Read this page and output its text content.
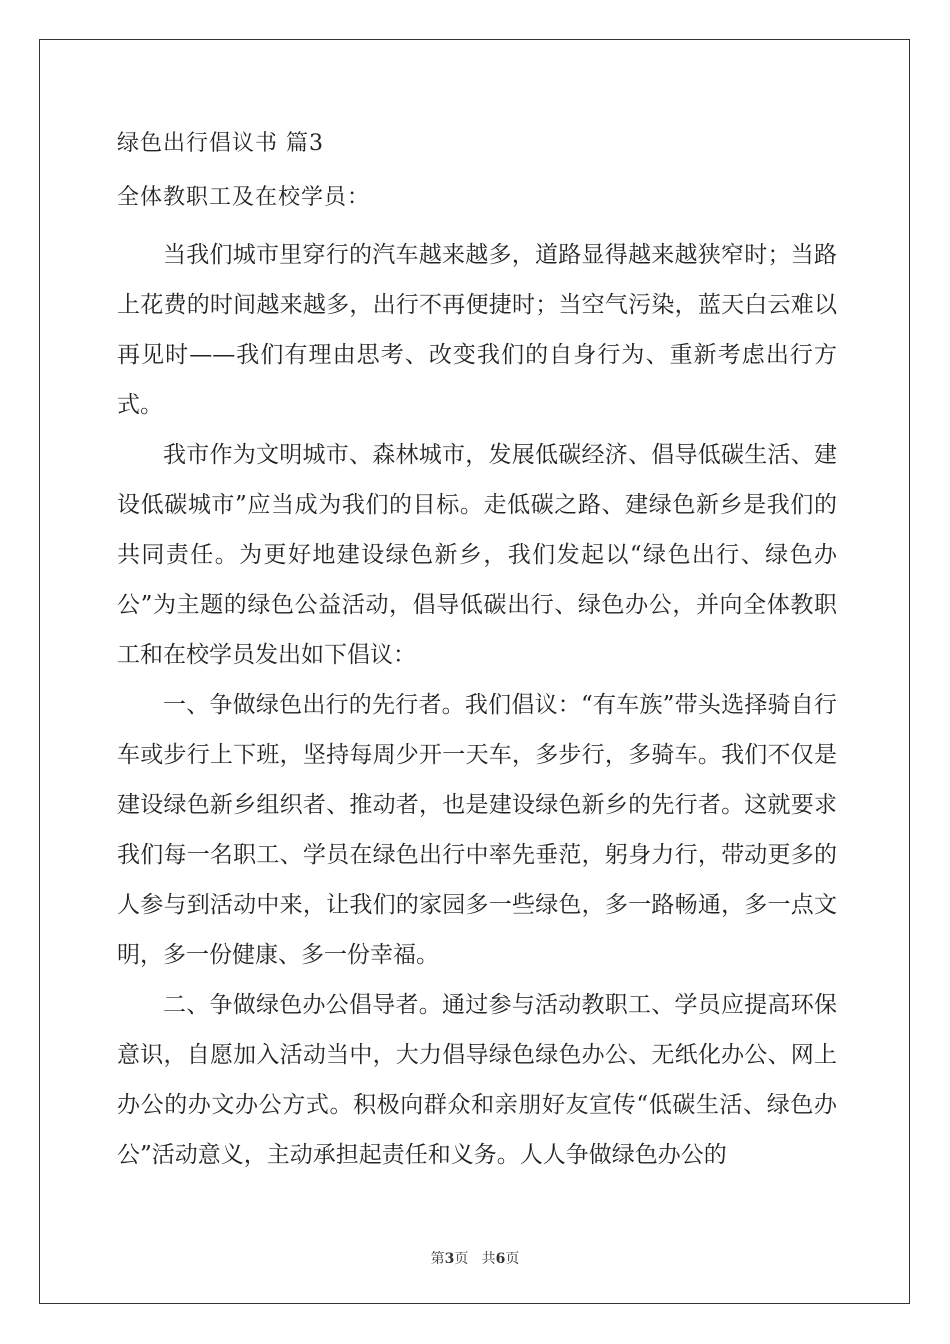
绿色出行倡议书 篇3
全体教职工及在校学员：

当我们城市里穿行的汽车越来越多，道路显得越来越狭窄时；当路上花费的时间越来越多，出行不再便捷时；当空气污染，蓝天白云难以再见时——我们有理由思考、改变我们的自身行为、重新考虑出行方式。

我市作为文明城市、森林城市，发展低碳经济、倡导低碳生活、建设低碳城市”应当成为我们的目标。走低碳之路、建绿色新乡是我们的共同责任。为更好地建设绿色新乡，我们发起以“绿色出行、绿色办公”为主题的绿色公益活动，倡导低碳出行、绿色办公，并向全体教职工和在校学员发出如下倡议：

一、争做绿色出行的先行者。我们倡议：“有车族”带头选择骑自行车或步行上下班，坚持每周少开一天车，多步行，多骑车。我们不仅是建设绿色新乡组织者、推动者，也是建设绿色新乡的先行者。这就要求我们每一名职工、学员在绿色出行中率先垂范，躬身力行，带动更多的人参与到活动中来，让我们的家园多一些绿色，多一路畅通，多一点文明，多一份健康、多一份幸福。

二、争做绿色办公倡导者。通过参与活动教职工、学员应提高环保意识，自愿加入活动当中，大力倡导绿色绿色办公、无纸化办公、网上办公的办文办公方式。积极向群众和亲朋好友宣传“低碳生活、绿色办公”活动意义，主动承担起责任和义务。人人争做绿色办公的

第3页 共6页
